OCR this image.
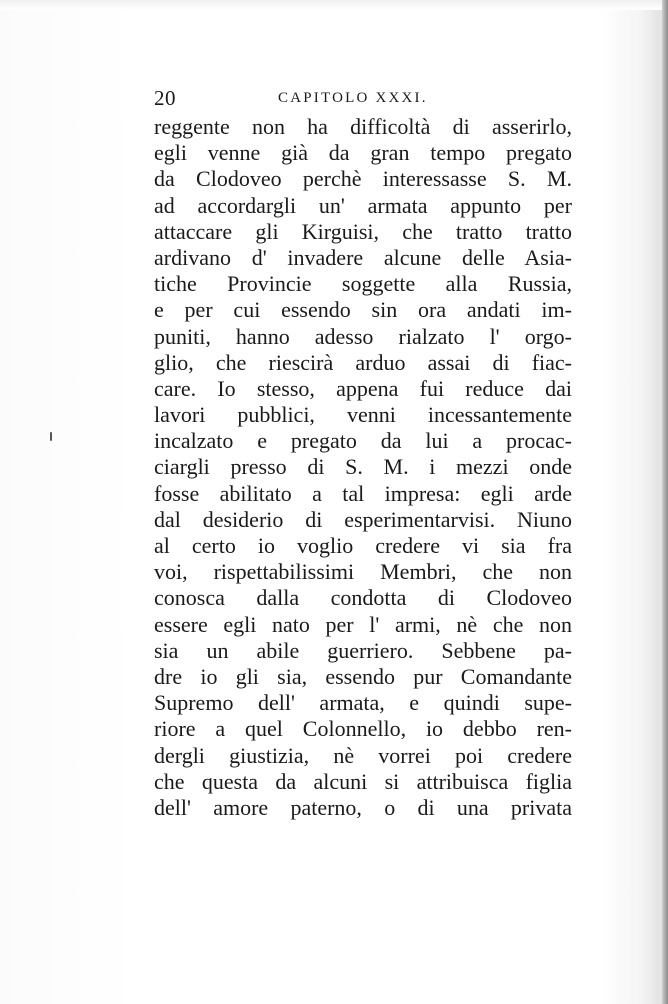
20	CAPITOLO XXXI.
reggente non ha difficoltà di asserirlo,
egli venne già da gran tempo pregato
da Clodoveo perchè interessasse S. M.
ad accordargli un' armata appunto per
attaccare gli Kirguisi, che tratto tratto
ardivano d' invadere alcune delle Asia-
tiche Provincie soggette alla Russia,
e per cui essendo sin ora andati im-
puniti, hanno adesso rialzato l' orgo-
glio, che riescirà arduo assai di fiac-
care. Io stesso, appena fui reduce dai
lavori pubblici, venni incessantemente
incalzato e pregato da lui a procac-
ciargli presso di S. M. i mezzi onde
fosse abilitato a tal impresa: egli arde
dal desiderio di esperimentarvisi. Niuno
al certo io voglio credere vi sia fra
voi, rispettabilissimi Membri, che non
conosca dalla condotta di Clodoveo
essere egli nato per l' armi, nè che non
sia un abile guerriero. Sebbene pa-
dre io gli sia, essendo pur Comandante
Supremo dell' armata, e quindi supe-
riore a quel Colonnello, io debbo ren-
dergli giustizia, nè vorrei poi credere
che questa da alcuni si attribuisca figlia
dell' amore paterno, o di una privata
